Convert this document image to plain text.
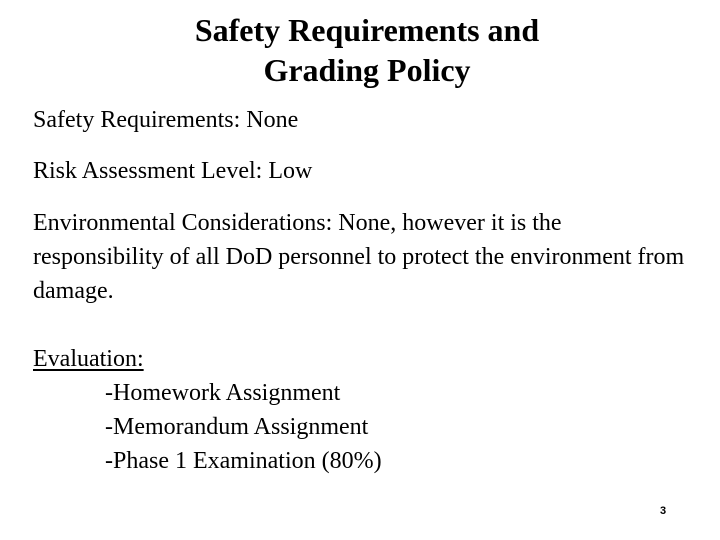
Safety Requirements and
Grading Policy

Safety Requirements: None

Risk Assessment Level: Low

Environmental Considerations: None, however it is the responsibility of all DoD personnel to protect the environment from damage.

Evaluation:

-Homework Assignment
-Memorandum Assignment
-Phase 1 Examination (80%)

3
